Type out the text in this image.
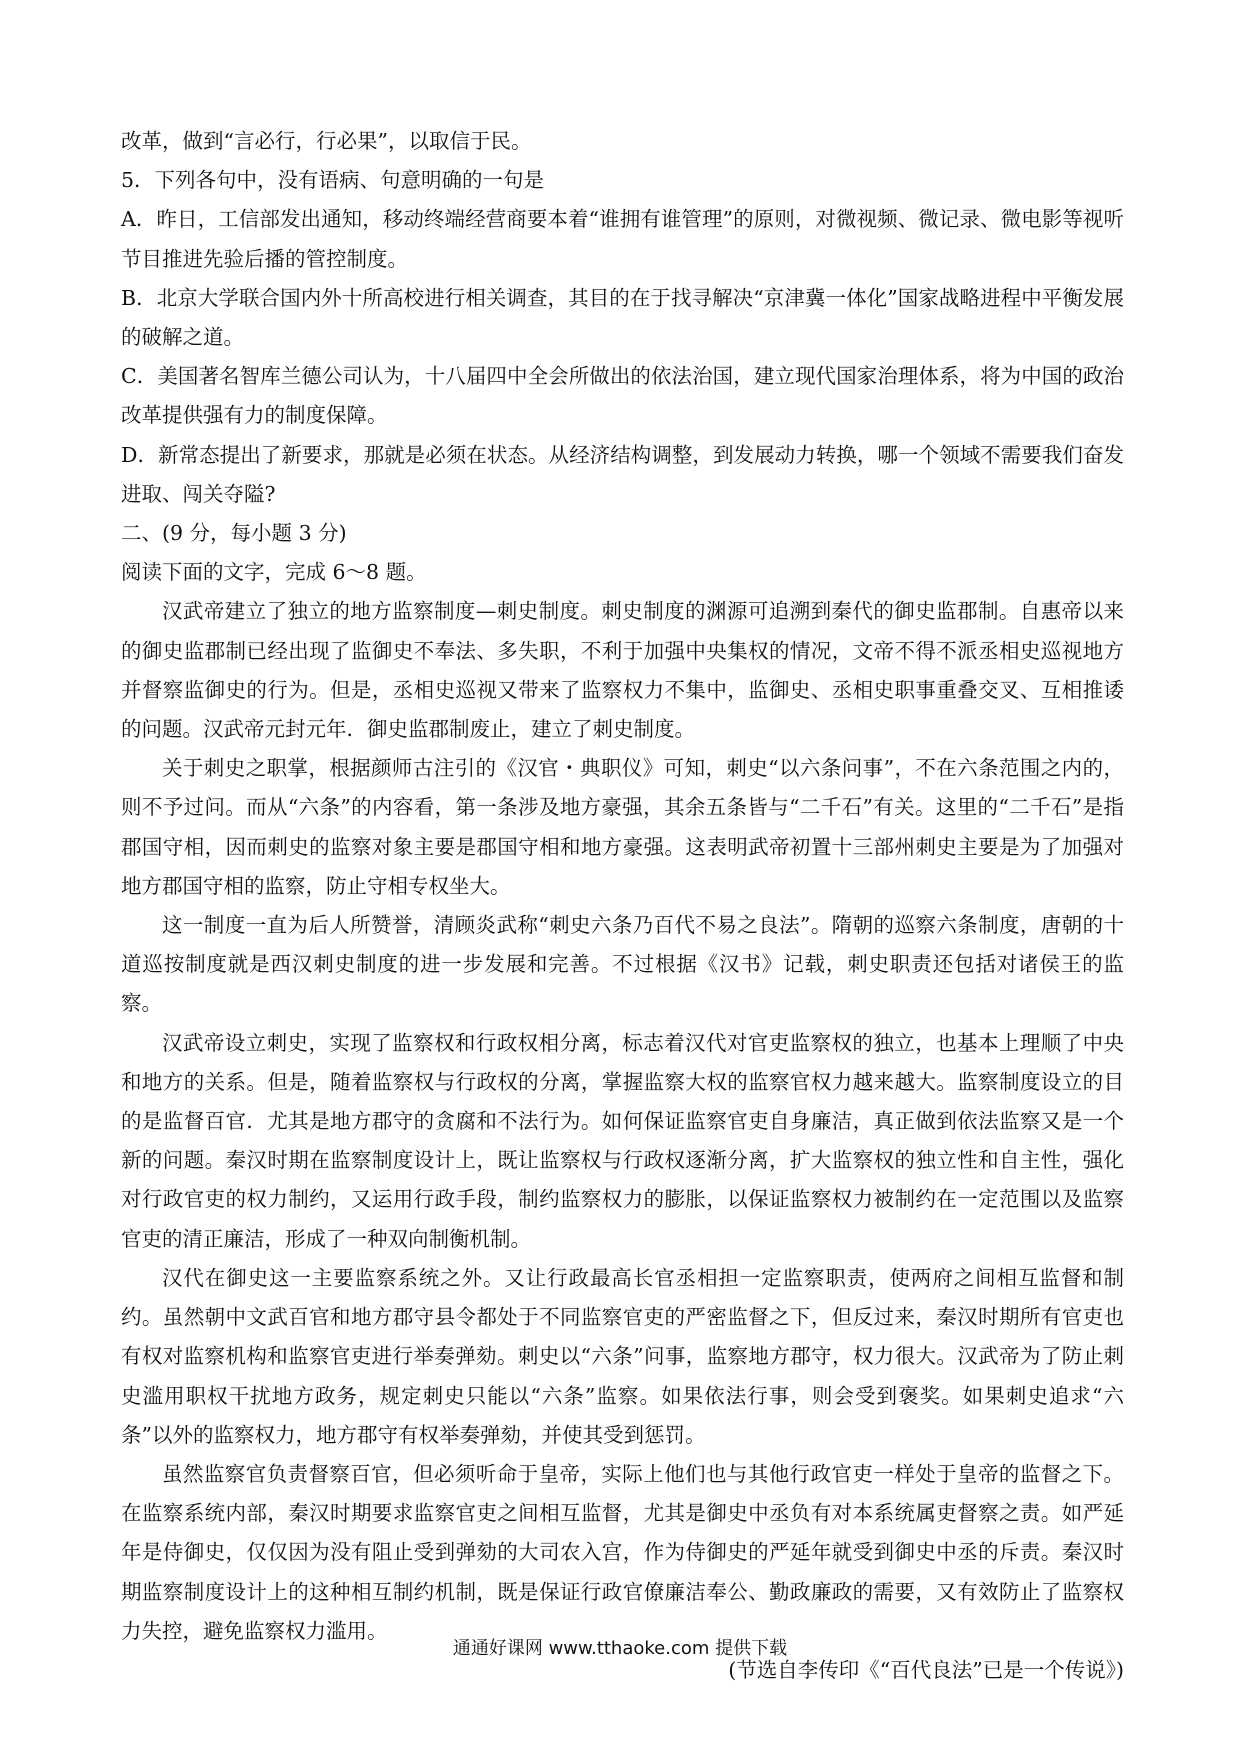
改革，做到“言必行，行必果”，以取信于民。

5．下列各句中，没有语病、句意明确的一句是

A．昨日，工信部发出通知，移动终端经营商要本着“谁拥有谁管理”的原则，对微视频、微记录、微电影等视听节目推进先验后播的管控制度。

B．北京大学联合国内外十所高校进行相关调查，其目的在于找寻解决“京津冀一体化”国家战略进程中平衡发展的破解之道。

C．美国著名智库兰德公司认为，十八届四中全会所做出的依法治国，建立现代国家治理体系，将为中国的政治改革提供强有力的制度保障。

D．新常态提出了新要求，那就是必须在状态。从经济结构调整，到发展动力转换，哪一个领域不需要我们奋发进取、闯关夺隘?

二、(9 分，每小题 3 分)

阅读下面的文字，完成 6～8 题。

汉武帝建立了独立的地方监察制度—刺史制度。刺史制度的渊源可追溯到秦代的御史监郡制。自惠帝以来的御史监郡制已经出现了监御史不奉法、多失职，不利于加强中央集权的情况，文帝不得不派丞相史巡视地方并督察监御史的行为。但是，丞相史巡视又带来了监察权力不集中，监御史、丞相史职事重叠交叉、互相推诿的问题。汉武帝元封元年．御史监郡制废止，建立了刺史制度。

关于刺史之职掌，根据颜师古注引的《汉官・典职仪》可知，刺史“以六条问事”，不在六条范围之内的，则不予过问。而从“六条”的内容看，第一条涉及地方豪强，其余五条皆与“二千石”有关。这里的“二千石”是指郡国守相，因而刺史的监察对象主要是郡国守相和地方豪强。这表明武帝初置十三部州刺史主要是为了加强对地方郡国守相的监察，防止守相专权坐大。

这一制度一直为后人所赞誉，清顾炎武称“刺史六条乃百代不易之良法”。隋朝的巡察六条制度，唐朝的十道巡按制度就是西汉刺史制度的进一步发展和完善。不过根据《汉书》记载，刺史职责还包括对诸侯王的监察。

汉武帝设立刺史，实现了监察权和行政权相分离，标志着汉代对官吏监察权的独立，也基本上理顺了中央和地方的关系。但是，随着监察权与行政权的分离，掌握监察大权的监察官权力越来越大。监察制度设立的目的是监督百官．尤其是地方郡守的贪腐和不法行为。如何保证监察官吏自身廉洁，真正做到依法监察又是一个新的问题。秦汉时期在监察制度设计上，既让监察权与行政权逐渐分离，扩大监察权的独立性和自主性，强化对行政官吏的权力制约，又运用行政手段，制约监察权力的膨胀，以保证监察权力被制约在一定范围以及监察官吏的清正廉洁，形成了一种双向制衡机制。

汉代在御史这一主要监察系统之外。又让行政最高长官丞相担一定监察职责，使两府之间相互监督和制约。虽然朝中文武百官和地方郡守县令都处于不同监察官吏的严密监督之下，但反过来，秦汉时期所有官吏也有权对监察机构和监察官吏进行举奏弹劾。刺史以“六条”问事，监察地方郡守，权力很大。汉武帝为了防止刺史滥用职权干扰地方政务，规定刺史只能以“六条”监察。如果依法行事，则会受到褒奖。如果刺史追求“六条”以外的监察权力，地方郡守有权举奏弹劾，并使其受到惩罚。

虽然监察官负责督察百官，但必须听命于皇帝，实际上他们也与其他行政官吏一样处于皇帝的监督之下。在监察系统内部，秦汉时期要求监察官吏之间相互监督，尤其是御史中丞负有对本系统属吏督察之责。如严延年是侍御史，仅仅因为没有阻止受到弹劾的大司农入宫，作为侍御史的严延年就受到御史中丞的斥责。秦汉时期监察制度设计上的这种相互制约机制，既是保证行政官僚廉洁奉公、勤政廉政的需要，又有效防止了监察权力失控，避免监察权力滥用。

(节选自李传印《“百代良法”已是一个传说》)

通通好课网 www.tthaoke.com 提供下载
